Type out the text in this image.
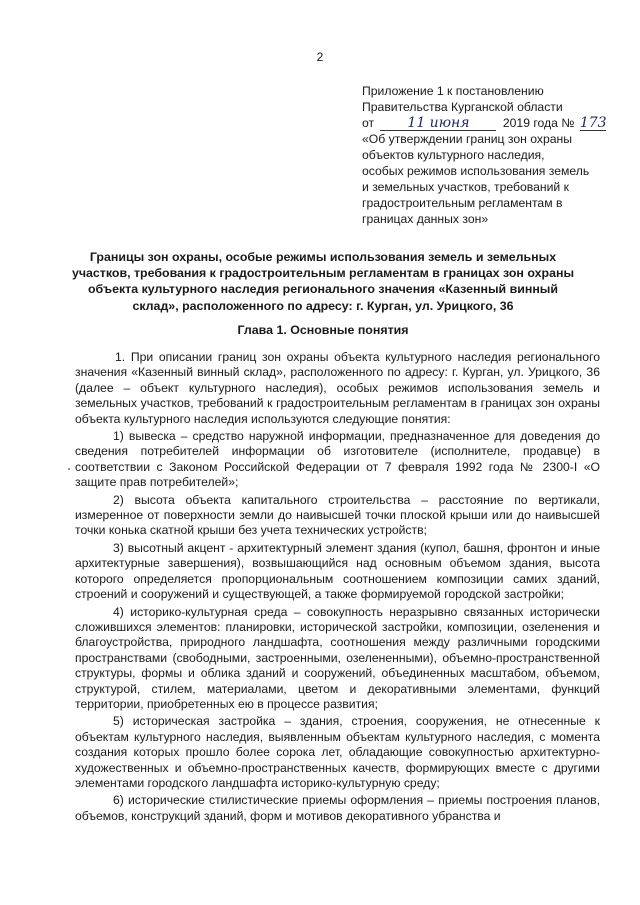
2
Приложение 1 к постановлению
Правительства Курганской области
от 11 июня	2019 года № 173
«Об утверждении границ зон охраны
объектов культурного наследия,
особых режимов использования земель
и земельных участков, требований к
градостроительным регламентам в
границах данных зон»
Границы зон охраны, особые режимы использования земель и земельных участков, требования к градостроительным регламентам в границах зон охраны объекта культурного наследия регионального значения «Казенный винный склад», расположенного по адресу: г. Курган, ул. Урицкого, 36
Глава 1. Основные понятия

1. При описании границ зон охраны объекта культурного наследия регионального значения «Казенный винный склад», расположенного по адресу: г. Курган, ул. Урицкого, 36 (далее – объект культурного наследия), особых режимов использования земель и земельных участков, требований к градостроительным регламентам в границах зон охраны объекта культурного наследия используются следующие понятия:

1) вывеска – средство наружной информации, предназначенное для доведения до сведения потребителей информации об изготовителе (исполнителе, продавце) в соответствии с Законом Российской Федерации от 7 февраля 1992 года № 2300-I «О защите прав потребителей»;

2) высота объекта капитального строительства – расстояние по вертикали, измеренное от поверхности земли до наивысшей точки плоской крыши или до наивысшей точки конька скатной крыши без учета технических устройств;

3) высотный акцент - архитектурный элемент здания (купол, башня, фронтон и иные архитектурные завершения), возвышающийся над основным объемом здания, высота которого определяется пропорциональным соотношением композиции самих зданий, строений и сооружений и существующей, а также формируемой городской застройки;

4) историко-культурная среда – совокупность неразрывно связанных исторически сложившихся элементов: планировки, исторической застройки, композиции, озеленения и благоустройства, природного ландшафта, соотношения между различными городскими пространствами (свободными, застроенными, озелененными), объемно-пространственной структуры, формы и облика зданий и сооружений, объединенных масштабом, объемом, структурой, стилем, материалами, цветом и декоративными элементами, функций территории, приобретенных ею в процессе развития;

5) историческая застройка – здания, строения, сооружения, не отнесенные к объектам культурного наследия, выявленным объектам культурного наследия, с момента создания которых прошло более сорока лет, обладающие совокупностью архитектурно-художественных и объемно-пространственных качеств, формирующих вместе с другими элементами городского ландшафта историко-культурную среду;

6) исторические стилистические приемы оформления – приемы построения планов, объемов, конструкций зданий, форм и мотивов декоративного убранства и
